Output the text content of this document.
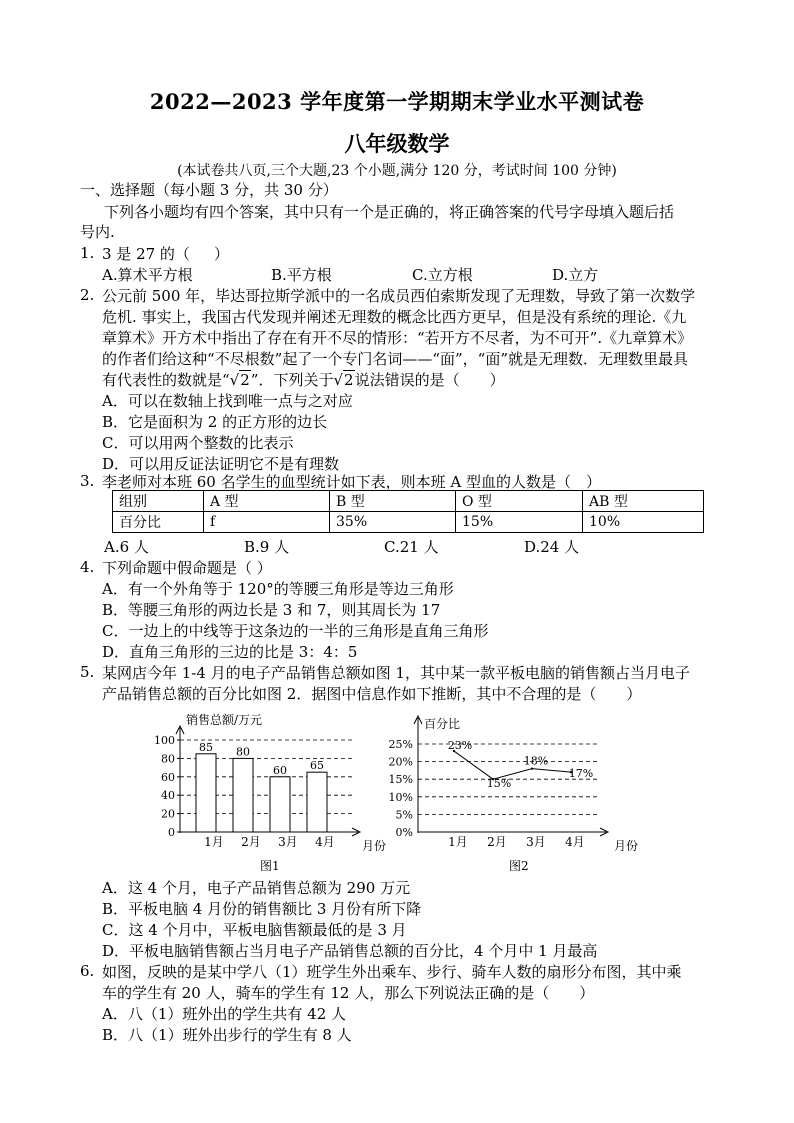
2022—2023 学年度第一学期期末学业水平测试卷
八年级数学
(本试卷共八页,三个大题,23 个小题,满分 120 分，考试时间 100 分钟)
一、选择题（每小题 3 分，共 30 分）
下列各小题均有四个答案，其中只有一个是正确的，将正确答案的代号字母填入题后括
号内.
1. 3 是 27 的（ ）
A.算术平方根	B.平方根	C.立方根	D.立方
2. 公元前 500 年，毕达哥拉斯学派中的一名成员西伯索斯发现了无理数，导致了第一次数学
危机. 事实上，我国古代发现并阐述无理数的概念比西方更早，但是没有系统的理论.《九
章算术》开方术中指出了存在有开不尽的情形：“若开方不尽者，为不可开”.《九章算术》
的作者们给这种“不尽根数”起了一个专门名词——“面”，“面”就是无理数．无理数里最具
有代表性的数就是“√2”．下列关于√2说法错误的是（　　）
A．可以在数轴上找到唯一点与之对应
B．它是面积为 2 的正方形的边长
C．可以用两个整数的比表示
D．可以用反证法证明它不是有理数
3. 李老师对本班 60 名学生的血型统计如下表，则本班 A 型血的人数是（　）
组别	A 型	B 型	O 型	AB 型
百分比	f	35%	15%	10%
A.6 人	B.9 人	C.21 人	D.24 人
4. 下列命题中假命题是（ ）
A．有一个外角等于 120°的等腰三角形是等边三角形
B．等腰三角形的两边长是 3 和 7，则其周长为 17
C．一边上的中线等于这条边的一半的三角形是直角三角形
D．直角三角形的三边的比是 3：4：5
5. 某网店今年 1-4 月的电子产品销售总额如图 1，其中某一款平板电脑的销售额占当月电子
产品销售总额的百分比如图 2．据图中信息作如下推断，其中不合理的是（　　）
销售总额/万元
0
20
40
60
80
100
85 80
60 65
1月 2月 3月 4月 月份
图1
百分比
0%
5%
10%
15%
20%
25%	23%
15%
18%
17%
1月 2月 3月 4月 月份
图2
A．这 4 个月，电子产品销售总额为 290 万元
B．平板电脑 4 月份的销售额比 3 月份有所下降
C．这 4 个月中，平板电脑售额最低的是 3 月
D．平板电脑销售额占当月电子产品销售总额的百分比，4 个月中 1 月最高
6. 如图，反映的是某中学八（1）班学生外出乘车、步行、骑车人数的扇形分布图，其中乘
车的学生有 20 人，骑车的学生有 12 人，那么下列说法正确的是（　　）
A．八（1）班外出的学生共有 42 人
B．八（1）班外出步行的学生有 8 人
